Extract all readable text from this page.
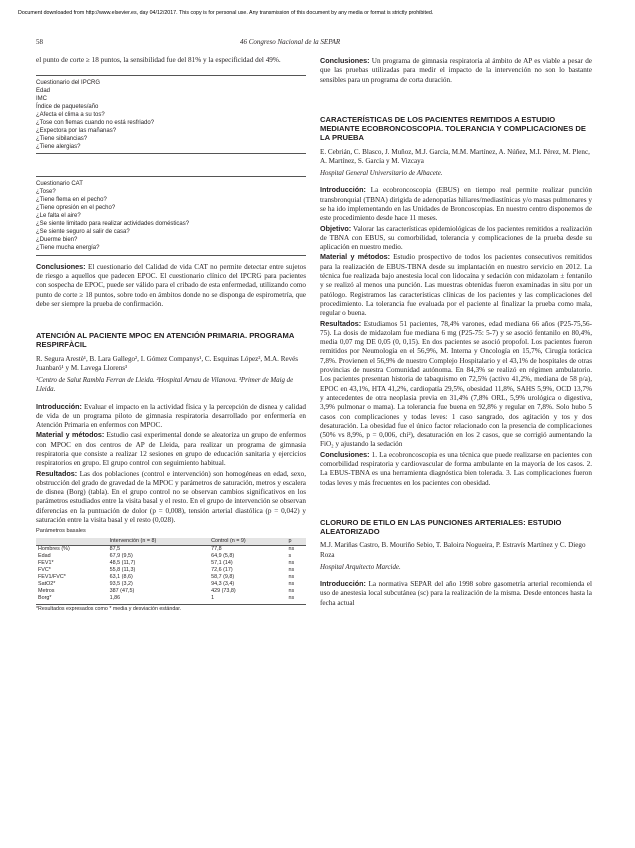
Document downloaded from http://www.elsevier.es, day 04/12/2017. This copy is for personal use. Any transmission of this document by any media or format is strictly prohibited.
58	46 Congreso Nacional de la SEPAR

el punto de corte ≥ 18 puntos, la sensibilidad fue del 81% y la especificidad del 49%.

Cuestionario del IPCRG
Edad
IMC
Índice de paquetes/año
¿Afecta el clima a su tos?
¿Tose con flemas cuando no está resfriado?
¿Expectora por las mañanas?
¿Tiene sibilancias?
¿Tiene alergias?
Cuestionario CAT
¿Tose?
¿Tiene flema en el pecho?
¿Tiene opresión en el pecho?
¿Le falta el aire?
¿Se siente limitado para realizar actividades domésticas?
¿Se siente seguro al salir de casa?
¿Duerme bien?
¿Tiene mucha energía?

Conclusiones: El cuestionario del Calidad de vida CAT no permite detectar entre sujetos de riesgo a aquellos que padecen EPOC. El cuestionario clínico del IPCRG para pacientes con sospecha de EPOC, puede ser válido para el cribado de esta enfermedad, utilizando como punto de corte ≥ 18 puntos, sobre todo en ámbitos donde no se disponga de espirometría, que debe ser siempre la prueba de confirmación.

ATENCIÓN AL PACIENTE MPOC EN ATENCIÓN PRIMARIA. PROGRAMA RESPIRFÀCIL
R. Segura Arestè¹, B. Lara Gallego², I. Gómez Companys¹, C. Esquinas López², M.A. Revés Juanbaró¹ y M. Lavega Llorens³
¹Centro de Salut Rambla Ferran de Lleida. ²Hospital Arnau de Vilanova. ³Primer de Maig de Lleida.

Introducción: Evaluar el impacto en la actividad física y la percepción de disnea y calidad de vida de un programa piloto de gimnasia respiratoria desarrollado por enfermería en Atención Primaria en enfermos con MPOC.

Material y métodos: Estudio casi experimental donde se aleatoriza un grupo de enfermos con MPOC en dos centros de AP de Lleida, para realizar un programa de gimnasia respiratoria que consiste a realizar 12 sesiones en grupo de educación sanitaria y ejercicios respiratorios en grupo. El grupo control con seguimiento habitual.

Resultados: Las dos poblaciones (control e intervención) son homogéneas en edad, sexo, obstrucción del grado de gravedad de la MPOC y parámetros de saturación, metros y escalera de disnea (Borg) (tabla). En el grupo control no se observan cambios significativos en los parámetros estudiados entre la visita basal y el resto. En el grupo de intervención se observan diferencias en la puntuación de dolor (p = 0,008), tensión arterial diastólica (p = 0,042) y saturación entre la visita basal y el resto (0,028).

Parámetros basales
	Intervención (n = 8)	Control (n = 9)	p
Hombres (%)	87,5	77,8	ns
Edad	67,9 (9,5)	64,9 (5,8)	s
FEV1*	48,5 (11,7)	57,1 (14)	ns
FVC*	55,8 (11,3)	72,6 (17)	ns
FEV1/FVC*	63,1 (8,6)	58,7 (9,8)	ns
SatO2*	93,5 (3,2)	94,3 (3,4)	ns
Metros	387 (47,5)	429 (73,8)	ns
Borg*	1,86	1	ns
*Resultados expresados como * media y desviación estándar.

Conclusiones: Un programa de gimnasia respiratoria al ámbito de AP es viable a pesar de que las pruebas utilizadas para medir el impacto de la intervención no son lo bastante sensibles para un programa de corta duración.

CARACTERÍSTICAS DE LOS PACIENTES REMITIDOS A ESTUDIO MEDIANTE ECOBRONCOSCOPIA. TOLERANCIA Y COMPLICACIONES DE LA PRUEBA
E. Cebrián, C. Blasco, J. Muñoz, M.J. García, M.M. Martínez, A. Núñez, M.I. Pérez, M. Plenc, A. Martínez, S. García y M. Vizcaya
Hospital General Universitario de Albacete.

Introducción: La ecobroncoscopia (EBUS) en tiempo real permite realizar punción transbronquial (TBNA) dirigida de adenopatías hiliares/mediastínicas y/o masas pulmonares y se ha ido implementando en las Unidades de Broncoscopias. En nuestro centro disponemos de este procedimiento desde hace 11 meses.

Objetivo: Valorar las características epidemiológicas de los pacientes remitidos a realización de TBNA con EBUS, su comorbilidad, tolerancia y complicaciones de la prueba desde su aplicación en nuestro medio.

Material y métodos: Estudio prospectivo de todos los pacientes consecutivos remitidos para la realización de EBUS-TBNA desde su implantación en nuestro servicio en 2012. La técnica fue realizada bajo anestesia local con lidocaína y sedación con midazolam ± fentanilo y se realizó al menos una punción. Las muestras obtenidas fueron examinadas in situ por un patólogo. Registramos las características clínicas de los pacientes y las complicaciones del procedimiento. La tolerancia fue evaluada por el paciente al finalizar la prueba como mala, regular o buena.

Resultados: Estudiamos 51 pacientes, 78,4% varones, edad mediana 66 años (P25-75,56-75). La dosis de midazolam fue mediana 6 mg (P25-75: 5-7) y se asoció fentanilo en 80,4%, media 0,07 mg DE 0,05 (0, 0,15). En dos pacientes se asoció propofol. Los pacientes fueron remitidos por Neumología en el 56,9%, M. Interna y Oncología en 15,7%, Cirugía torácica 7,8%. Provienen el 56,9% de nuestro Complejo Hospitalario y el 43,1% de hospitales de otras provincias de nuestra Comunidad autónoma. En 84,3% se realizó en régimen ambulatorio. Los pacientes presentan historia de tabaquismo en 72,5% (activo 41,2%, mediana de 58 p/a), EPOC en 43,1%, HTA 41,2%, cardiopatía 29,5%, obesidad 11,8%, SAHS 5,9%, OCD 13,7% y antecedentes de otra neoplasia previa en 31,4% (7,8% ORL, 5,9% urológica o digestiva, 3,9% pulmonar o mama). La tolerancia fue buena en 92,8% y regular en 7,8%. Solo hubo 5 casos con complicaciones y todas leves: 1 caso sangrado, dos agitación y tos y dos desaturación. La obesidad fue el único factor relacionado con la presencia de complicaciones (50% vs 8,9%, p = 0,006, chi²), desaturación en los 2 casos, que se corrigió aumentando la FiO₂ y ajustando la sedación

Conclusiones: 1. La ecobroncoscopia es una técnica que puede realizarse en pacientes con comorbilidad respiratoria y cardiovascular de forma ambulante en la mayoría de los casos. 2. La EBUS-TBNA es una herramienta diagnóstica bien tolerada. 3. Las complicaciones fueron todas leves y más frecuentes en los pacientes con obesidad.

CLORURO DE ETILO EN LAS PUNCIONES ARTERIALES: ESTUDIO ALEATORIZADO
M.J. Mariñas Castro, B. Mouriño Sebio, T. Baloira Nogueira, P. Estravís Martínez y C. Diego Roza
Hospital Arquitecto Marcide.

Introducción: La normativa SEPAR del año 1998 sobre gasometría arterial recomienda el uso de anestesia local subcutánea (sc) para la realización de la misma. Desde entonces hasta la fecha actual
